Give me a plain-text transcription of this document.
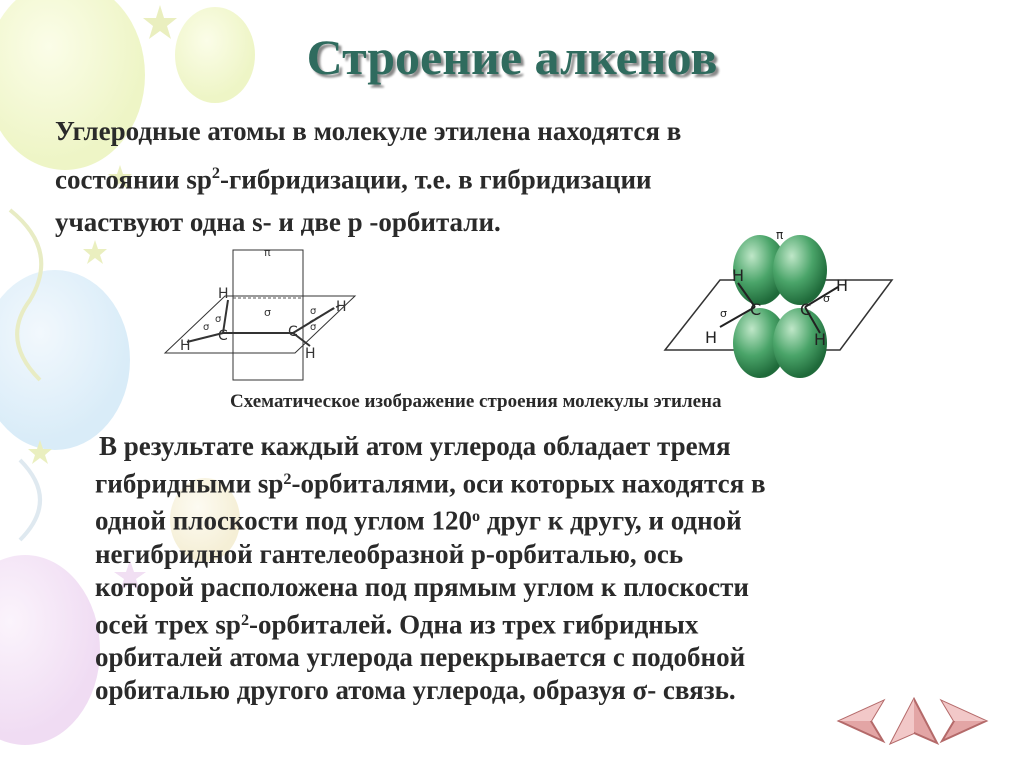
Строение алкенов
Углеродные атомы в молекуле этилена находятся в
состоянии $sp^2$-гибридизации, т.е. в гибридизации
участвуют одна s- и две p -орбитали.
π
σ
σ
σ
σ
σ
H
C	C
H
H
H
π
H
C C
H
H	H
σ
σ
Схематическое изображение строения молекулы этилена
В результате каждый атом углерода обладает тремя
гибридными $sp^2$-орбиталями, оси которых находятся в
одной плоскости под углом $120^о$ друг к другу, и одной
негибридной гантелеобразной р-орбиталью, ось
которой расположена под прямым углом к плоскости
осей трех $sp^2$-орбиталей. Одна из трех гибридных
орбиталей атома углерода перекрывается с подобной
орбиталью другого атома углерода, образуя σ- связь.
